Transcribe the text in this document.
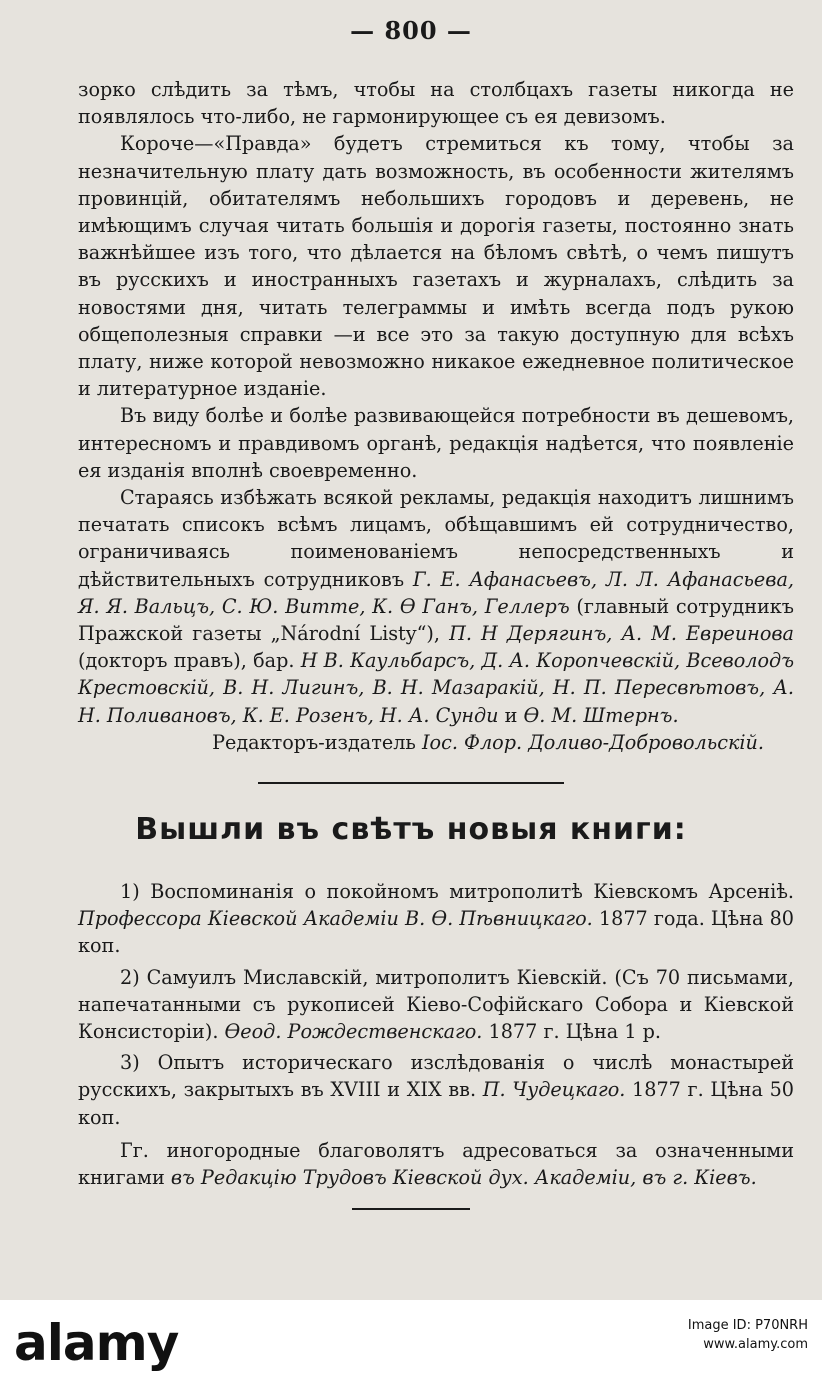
— 800 —

зорко слѣдить за тѣмъ, чтобы на столбцахъ газеты никогда не появлялось что-либо, не гармонирующее съ ея девизомъ.

Короче—«Правда» будетъ стремиться къ тому, чтобы за незначительную плату дать возможность, въ особенности жителямъ провинцій, обитателямъ небольшихъ городовъ и деревень, не имѣющимъ случая читать большія и дорогія газеты, постоянно знать важнѣйшее изъ того, что дѣлается на бѣломъ свѣтѣ, о чемъ пишутъ въ русскихъ и иностранныхъ газетахъ и журналахъ, слѣдить за новостями дня, читать телеграммы и имѣть всегда подъ рукою общеполезныя справки —и все это за такую доступную для всѣхъ плату, ниже которой невозможно никакое ежедневное политическое и литературное изданіе.

Въ виду болѣе и болѣе развивающейся потребности въ дешевомъ, интересномъ и правдивомъ органѣ, редакція надѣется, что появленіе ея изданія вполнѣ своевременно.

Стараясь избѣжать всякой рекламы, редакція находитъ лишнимъ печатать списокъ всѣмъ лицамъ, обѣщавшимъ ей сотрудничество, ограничиваясь поименованіемъ непосредственныхъ и дѣйствительныхъ сотрудниковъ Г. Е. Афанасьевъ, Л. Л. Афанасьева, Я. Я. Вальцъ, С. Ю. Витте, К. Ѳ Ганъ, Геллеръ (главный сотрудникъ Пражской газеты „Národní Listy“), П. Н Дерягинъ, А. М. Евреинова (докторъ правъ), бар. Н В. Каульбарсъ, Д. А. Коропчевскій, Всеволодъ Крестовскій, В. Н. Лигинъ, В. Н. Мазаракій, Н. П. Пересвѣтовъ, А. Н. Поливановъ, К. Е. Розенъ, Н. А. Сунди и Ѳ. М. Штернъ.

Редакторъ-издатель Іос. Флор. Доливо-Добровольскій.

Вышли въ свѣтъ новыя книги:

1) Воспоминанія о покойномъ митрополитѣ Кіевскомъ Арсеніѣ. Профессора Кіевской Академіи В. Ѳ. Пѣвницкаго. 1877 года. Цѣна 80 коп.

2) Самуилъ Миславскій, митрополитъ Кіевскій. (Съ 70 письмами, напечатанными съ рукописей Кіево-Софійскаго Собора и Кіевской Консисторіи). Ѳеод. Рождественскаго. 1877 г. Цѣна 1 р.

3) Опытъ историческаго изслѣдованія о числѣ монастырей русскихъ, закрытыхъ въ XVIII и XIX вв. П. Чудецкаго. 1877 г. Цѣна 50 коп.

Гг. иногородные благоволятъ адресоваться за означенными книгами въ Редакцію Трудовъ Кіевской дух. Академіи, въ г. Кіевъ.

alamy	Image ID: P70NRH
www.alamy.com
